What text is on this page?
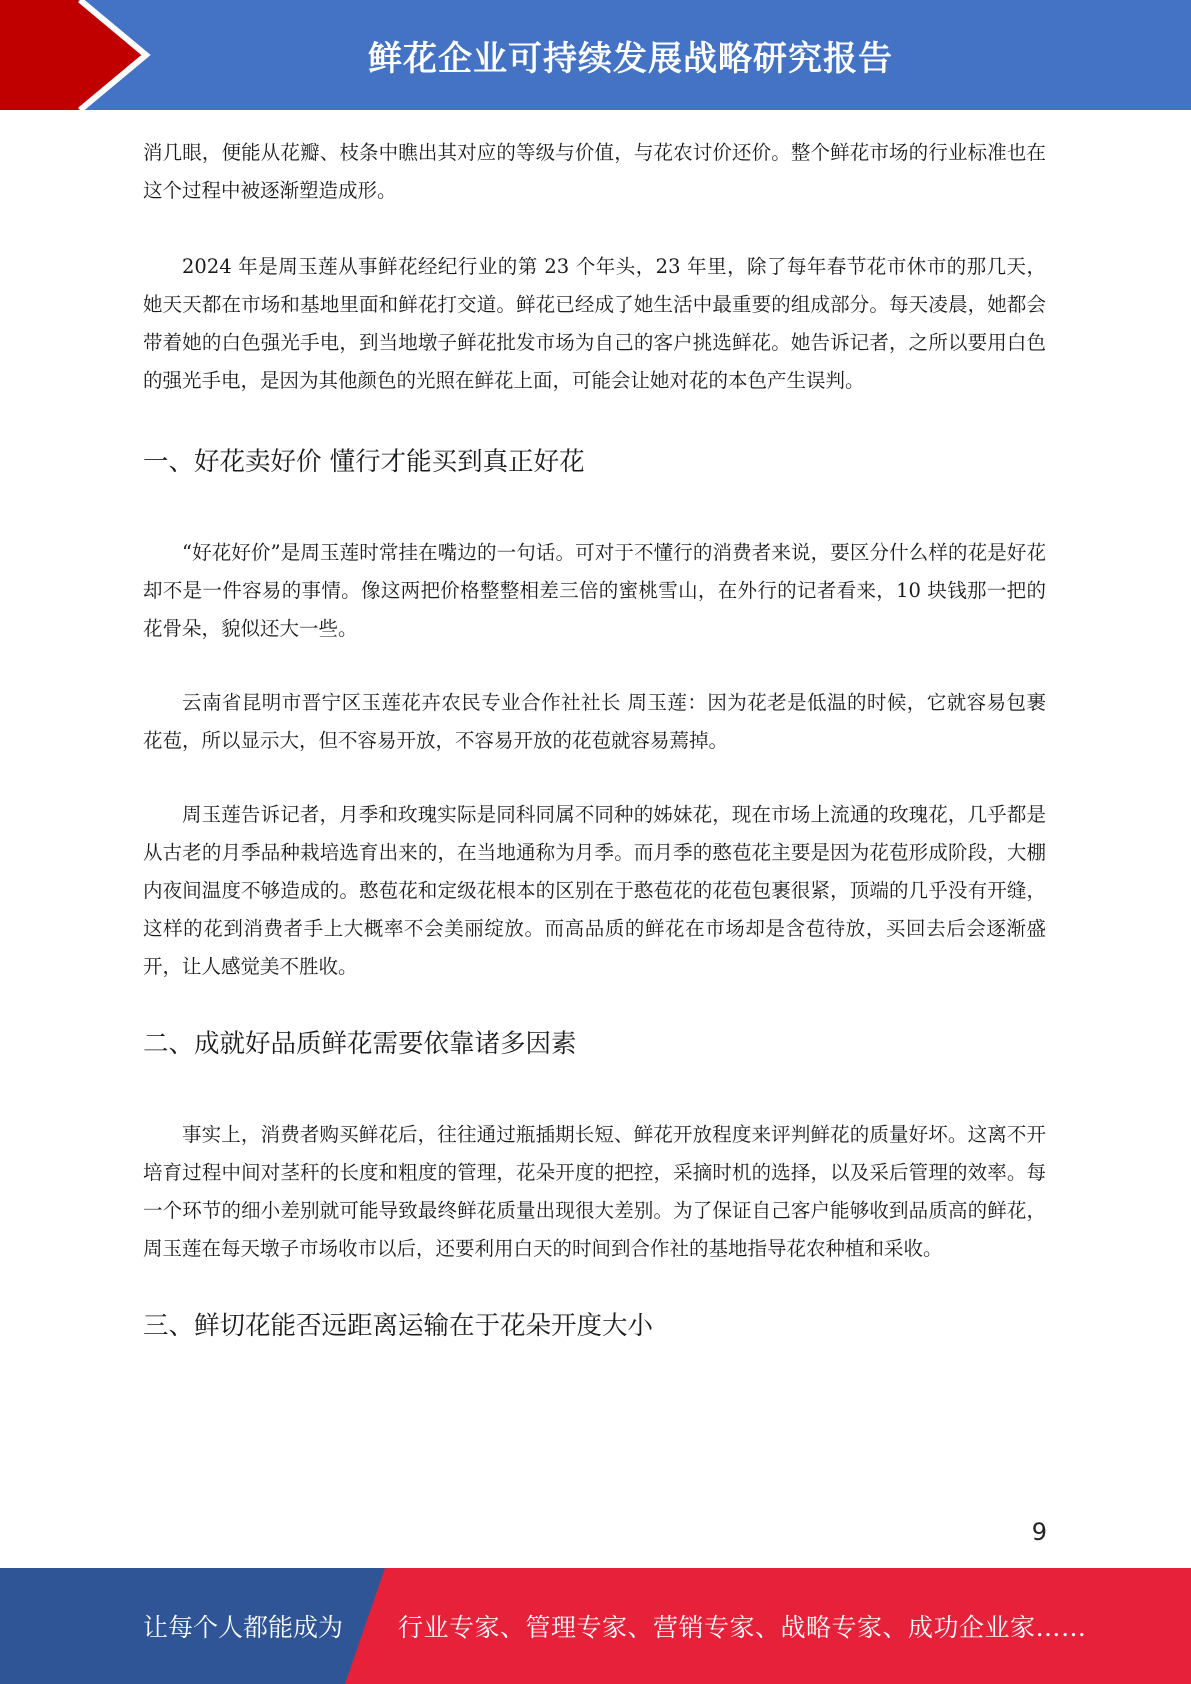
鲜花企业可持续发展战略研究报告

消几眼，便能从花瓣、枝条中瞧出其对应的等级与价值，与花农讨价还价。整个鲜花市场的行业标准也在这个过程中被逐渐塑造成形。

2024 年是周玉莲从事鲜花经纪行业的第 23 个年头，23 年里，除了每年春节花市休市的那几天，她天天都在市场和基地里面和鲜花打交道。鲜花已经成了她生活中最重要的组成部分。每天凌晨，她都会带着她的白色强光手电，到当地墩子鲜花批发市场为自己的客户挑选鲜花。她告诉记者，之所以要用白色的强光手电，是因为其他颜色的光照在鲜花上面，可能会让她对花的本色产生误判。

一、好花卖好价 懂行才能买到真正好花

“好花好价”是周玉莲时常挂在嘴边的一句话。可对于不懂行的消费者来说，要区分什么样的花是好花却不是一件容易的事情。像这两把价格整整相差三倍的蜜桃雪山，在外行的记者看来，10 块钱那一把的花骨朵，貌似还大一些。

云南省昆明市晋宁区玉莲花卉农民专业合作社社长 周玉莲：因为花老是低温的时候，它就容易包裹花苞，所以显示大，但不容易开放，不容易开放的花苞就容易蔫掉。

周玉莲告诉记者，月季和玫瑰实际是同科同属不同种的姊妹花，现在市场上流通的玫瑰花，几乎都是从古老的月季品种栽培选育出来的，在当地通称为月季。而月季的憨苞花主要是因为花苞形成阶段，大棚内夜间温度不够造成的。憨苞花和定级花根本的区别在于憨苞花的花苞包裹很紧，顶端的几乎没有开缝，这样的花到消费者手上大概率不会美丽绽放。而高品质的鲜花在市场却是含苞待放，买回去后会逐渐盛开，让人感觉美不胜收。

二、成就好品质鲜花需要依靠诸多因素

事实上，消费者购买鲜花后，往往通过瓶插期长短、鲜花开放程度来评判鲜花的质量好坏。这离不开培育过程中间对茎秆的长度和粗度的管理，花朵开度的把控，采摘时机的选择，以及采后管理的效率。每一个环节的细小差别就可能导致最终鲜花质量出现很大差别。为了保证自己客户能够收到品质高的鲜花，周玉莲在每天墩子市场收市以后，还要利用白天的时间到合作社的基地指导花农种植和采收。

三、鲜切花能否远距离运输在于花朵开度大小
9
让每个人都能成为 行业专家、管理专家、营销专家、战略专家、成功企业家……
